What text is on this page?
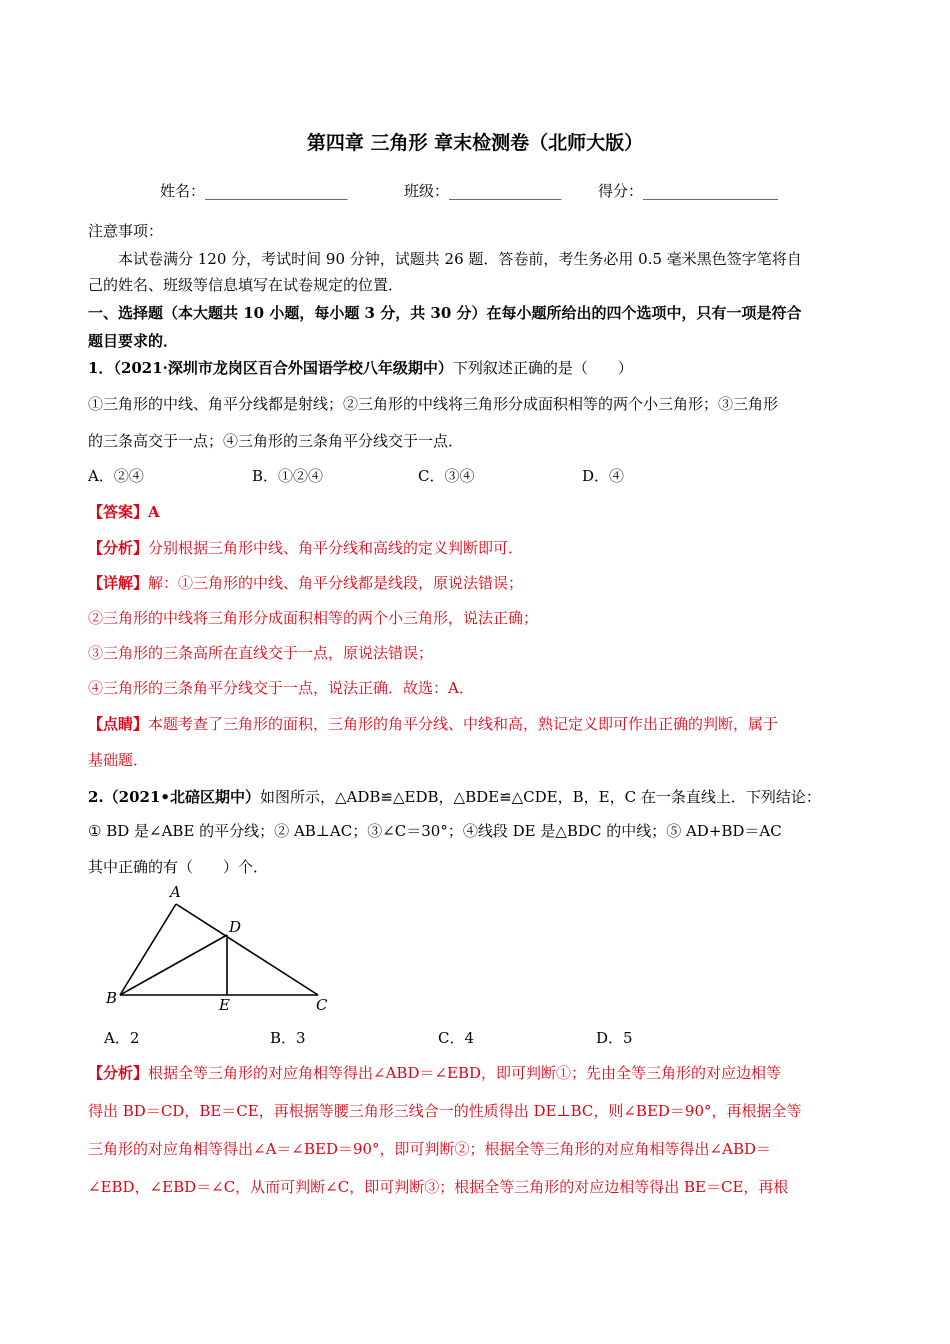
第四章 三角形 章末检测卷（北师大版）
姓名：___________________	班级：_______________ 得分：__________________
注意事项：
本试卷满分 120 分，考试时间 90 分钟，试题共 26 题．答卷前，考生务必用 0.5 毫米黑色签字笔将自
己的姓名、班级等信息填写在试卷规定的位置．
一、选择题（本大题共 10 小题，每小题 3 分，共 30 分）在每小题所给出的四个选项中，只有一项是符合
题目要求的．
1．（2021·深圳市龙岗区百合外国语学校八年级期中）下列叙述正确的是（　　）
①三角形的中线、角平分线都是射线；②三角形的中线将三角形分成面积相等的两个小三角形；③三角形
的三条高交于一点；④三角形的三条角平分线交于一点．
A．②④	B．①②④	C．③④	D．④
【答案】A
【分析】分别根据三角形中线、角平分线和高线的定义判断即可．
【详解】解：①三角形的中线、角平分线都是线段，原说法错误；
②三角形的中线将三角形分成面积相等的两个小三角形，说法正确；
③三角形的三条高所在直线交于一点，原说法错误；
④三角形的三条角平分线交于一点，说法正确．故选：A．
【点睛】本题考查了三角形的面积，三角形的角平分线、中线和高，熟记定义即可作出正确的判断，属于
基础题．
2.（2021•北碚区期中）如图所示，△ADB≌△EDB，△BDE≌△CDE，B，E，C 在一条直线上．下列结论：
① BD 是∠ABE 的平分线；② AB⊥AC；③∠C＝30°；④线段 DE 是△BDC 的中线；⑤ AD+BD＝AC
其中正确的有（　　）个．
A
B	C
D
E
A．2	B．3	C．4	D．5
【分析】根据全等三角形的对应角相等得出∠ABD＝∠EBD，即可判断①；先由全等三角形的对应边相等
得出 BD＝CD，BE＝CE，再根据等腰三角形三线合一的性质得出 DE⊥BC，则∠BED＝90°，再根据全等
三角形的对应角相等得出∠A＝∠BED＝90°，即可判断②；根据全等三角形的对应角相等得出∠ABD＝
∠EBD，∠EBD＝∠C，从而可判断∠C，即可判断③；根据全等三角形的对应边相等得出 BE＝CE，再根
